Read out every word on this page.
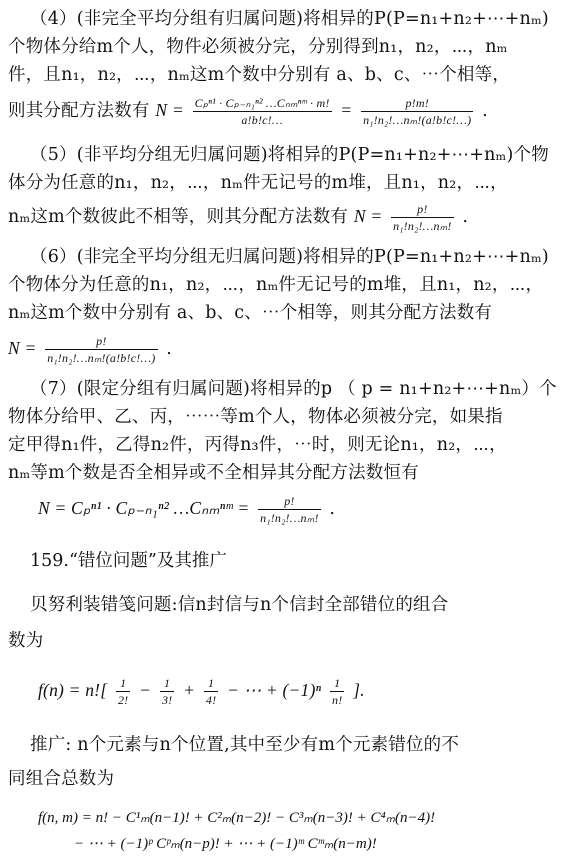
（4）(非完全平均分组有归属问题)将相异的P(P=n₁+n₂+⋯+nₘ)
个物体分给m个人，物件必须被分完，分别得到n₁，n₂，⋯，nₘ
件，且n₁，n₂，⋯，nₘ这m个数中分别有 a、b、c、⋯个相等，
则其分配方法数有 $N = \frac{\text{Cₚⁿ¹ · Cₚ₋ₙ₁ⁿ² …Cₙₘⁿᵐ · m!}}{a!b!c!\dots} = \frac{p!m!}{\text{n₁!n₂!…nₘ!(a!b!c!…)}}$ .
（5）(非平均分组无归属问题)将相异的P(P=n₁+n₂+⋯+nₘ)个物
体分为任意的n₁，n₂，⋯，nₘ件无记号的m堆，且n₁，n₂，⋯，
nₘ这m个数彼此不相等，则其分配方法数有 $N = \frac{p!}{\text{n₁!n₂!…nₘ!}}$ .
（6）(非完全平均分组无归属问题)将相异的P(P=n₁+n₂+⋯+nₘ)
个物体分为任意的n₁，n₂，⋯，nₘ件无记号的m堆，且n₁，n₂，⋯，
nₘ这m个数中分别有 a、b、c、⋯个相等，则其分配方法数有
$N = \frac{p!}{\text{n₁!n₂!…nₘ!(a!b!c!…)}}$ .
（7）(限定分组有归属问题)将相异的p （ p = n₁+n₂+⋯+nₘ）个
物体分给甲、乙、丙，⋯⋯等m个人，物体必须被分完，如果指
定甲得n₁件，乙得n₂件，丙得n₃件，⋯时，则无论n₁，n₂，⋯，
nₘ等m个数是否全相异或不全相异其分配方法数恒有
N = Cₚⁿ¹ · Cₚ₋ₙ₁ⁿ² …Cₙₘⁿᵐ = $\frac{p!}{\text{n₁!n₂!…nₘ!}}$ .
159.“错位问题”及其推广
贝努利装错笺问题:信n封信与n个信封全部错位的组合
数为
$f(n) = n![ \frac{1}{2!} - \frac{1}{3!} + \frac{1}{4!}$ − ⋯ + $(-1)^n \frac{1}{n!}$ ].
推广: n个元素与n个位置,其中至少有m个元素错位的不
同组合总数为
f(n, m) = n! − C¹ₘ(n−1)! + C²ₘ(n−2)! − C³ₘ(n−3)! + C⁴ₘ(n−4)!
− ⋯ + (−1)ᵖ Cᵖₘ(n−p)! + ⋯ + (−1)ᵐ Cᵐₘ(n−m)!
